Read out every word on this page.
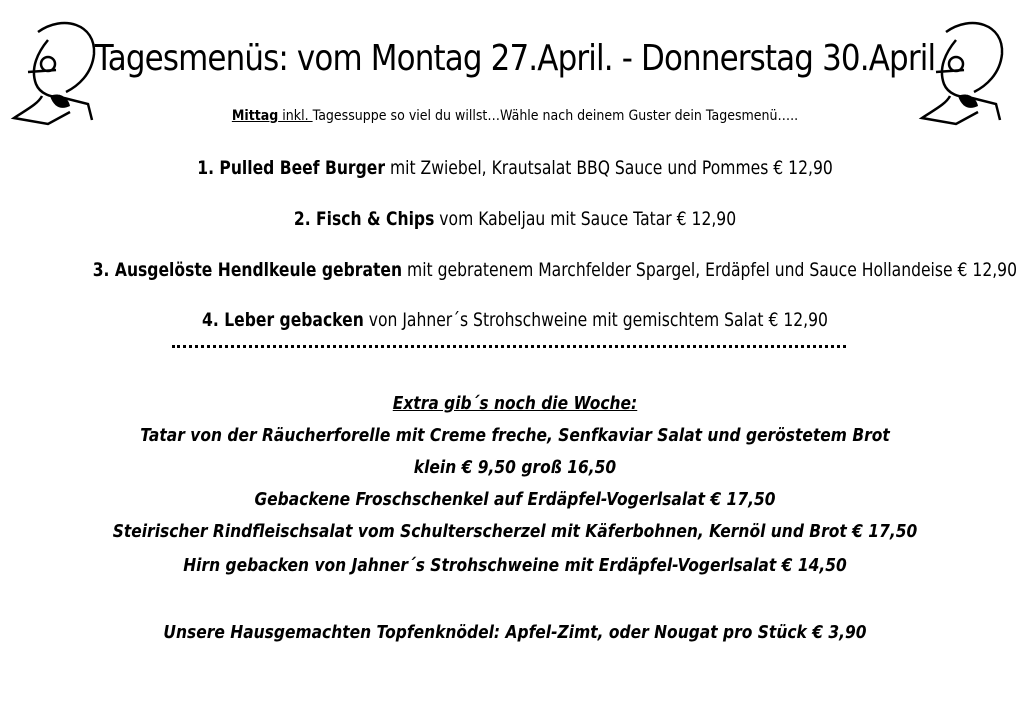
Tagesmenüs: vom Montag 27.April. - Donnerstag 30.April
Mittag inkl. Tagessuppe so viel du willst…Wähle nach deinem Guster dein Tagesmenü…..
1. Pulled Beef Burger mit Zwiebel, Krautsalat BBQ Sauce und Pommes € 12,90
2. Fisch & Chips vom Kabeljau mit Sauce Tatar € 12,90
3. Ausgelöste Hendlkeule gebraten mit gebratenem Marchfelder Spargel, Erdäpfel und Sauce Hollandeise € 12,90
4. Leber gebacken von Jahner´s Strohschweine mit gemischtem Salat € 12,90
Extra gib´s noch die Woche:
Tatar von der Räucherforelle mit Creme freche, Senfkaviar Salat und geröstetem Brot
klein € 9,50 groß 16,50
Gebackene Froschschenkel auf Erdäpfel-Vogerlsalat € 17,50
Steirischer Rindfleischsalat vom Schulterscherzel mit Käferbohnen, Kernöl und Brot € 17,50
Hirn gebacken von Jahner´s Strohschweine mit Erdäpfel-Vogerlsalat € 14,50
Unsere Hausgemachten Topfenknödel: Apfel-Zimt, oder Nougat pro Stück € 3,90
